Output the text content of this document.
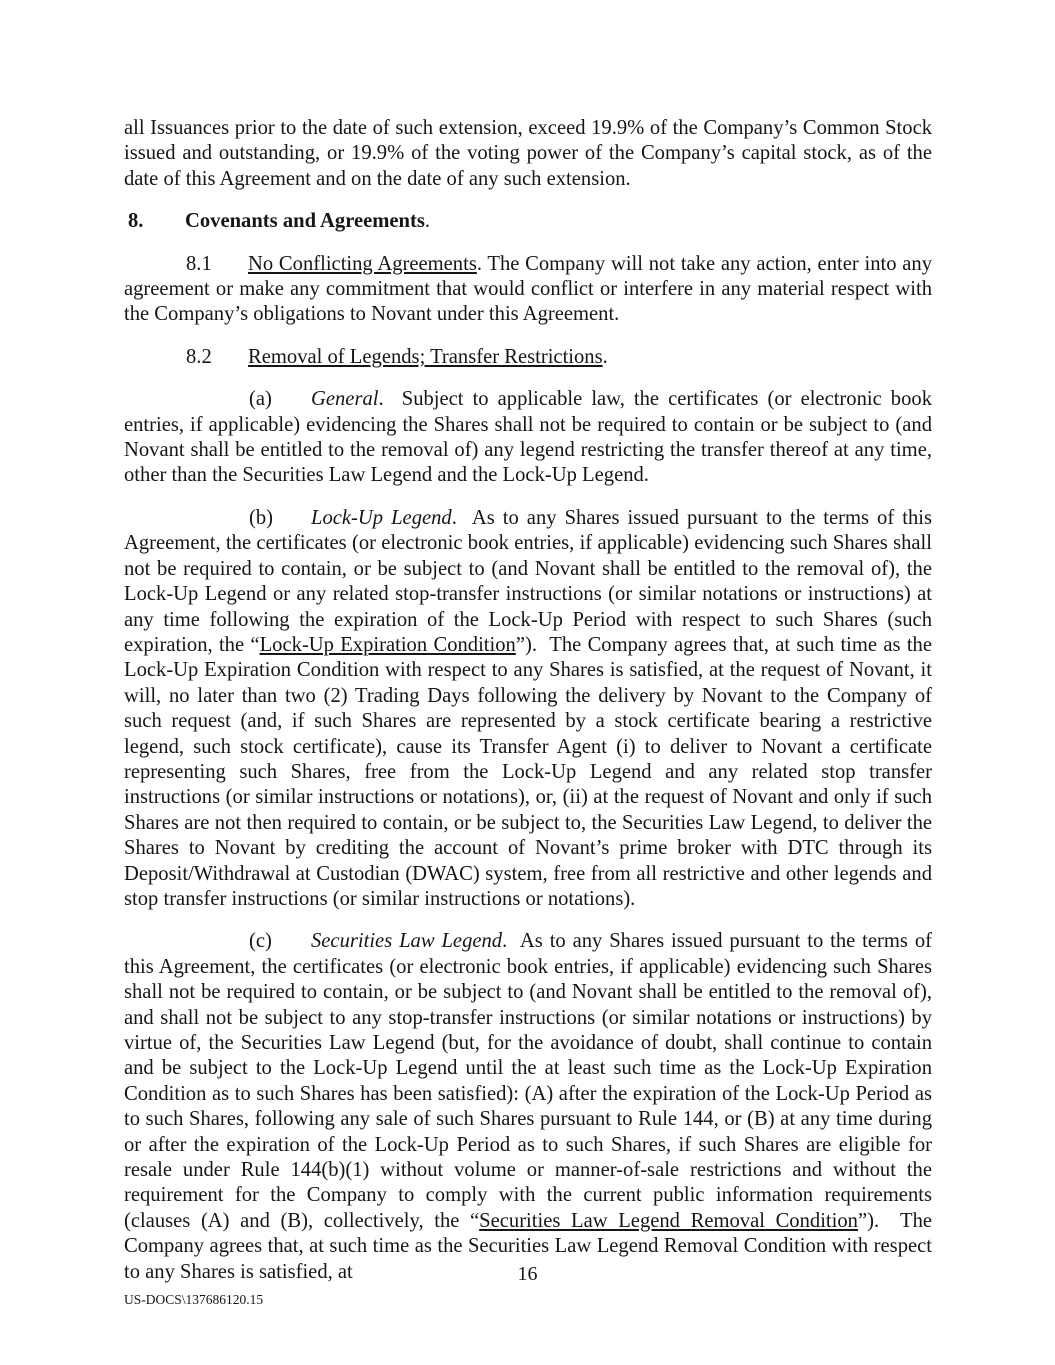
all Issuances prior to the date of such extension, exceed 19.9% of the Company’s Common Stock issued and outstanding, or 19.9% of the voting power of the Company’s capital stock, as of the date of this Agreement and on the date of any such extension.

8. Covenants and Agreements.

8.1 No Conflicting Agreements. The Company will not take any action, enter into any agreement or make any commitment that would conflict or interfere in any material respect with the Company’s obligations to Novant under this Agreement.

8.2 Removal of Legends; Transfer Restrictions.

(a) General.  Subject to applicable law, the certificates (or electronic book entries, if applicable) evidencing the Shares shall not be required to contain or be subject to (and Novant shall be entitled to the removal of) any legend restricting the transfer thereof at any time, other than the Securities Law Legend and the Lock-Up Legend.

(b) Lock-Up Legend.  As to any Shares issued pursuant to the terms of this Agreement, the certificates (or electronic book entries, if applicable) evidencing such Shares shall not be required to contain, or be subject to (and Novant shall be entitled to the removal of), the Lock-Up Legend or any related stop-transfer instructions (or similar notations or instructions) at any time following the expiration of the Lock-Up Period with respect to such Shares (such expiration, the “Lock-Up Expiration Condition”).  The Company agrees that, at such time as the Lock-Up Expiration Condition with respect to any Shares is satisfied, at the request of Novant, it will, no later than two (2) Trading Days following the delivery by Novant to the Company of such request (and, if such Shares are represented by a stock certificate bearing a restrictive legend, such stock certificate), cause its Transfer Agent (i) to deliver to Novant a certificate representing such Shares, free from the Lock-Up Legend and any related stop transfer instructions (or similar instructions or notations), or, (ii) at the request of Novant and only if such Shares are not then required to contain, or be subject to, the Securities Law Legend, to deliver the Shares to Novant by crediting the account of Novant’s prime broker with DTC through its Deposit/Withdrawal at Custodian (DWAC) system, free from all restrictive and other legends and stop transfer instructions (or similar instructions or notations).

(c) Securities Law Legend.  As to any Shares issued pursuant to the terms of this Agreement, the certificates (or electronic book entries, if applicable) evidencing such Shares shall not be required to contain, or be subject to (and Novant shall be entitled to the removal of), and shall not be subject to any stop-transfer instructions (or similar notations or instructions) by virtue of, the Securities Law Legend (but, for the avoidance of doubt, shall continue to contain and be subject to the Lock-Up Legend until the at least such time as the Lock-Up Expiration Condition as to such Shares has been satisfied): (A) after the expiration of the Lock-Up Period as to such Shares, following any sale of such Shares pursuant to Rule 144, or (B) at any time during or after the expiration of the Lock-Up Period as to such Shares, if such Shares are eligible for resale under Rule 144(b)(1) without volume or manner-of-sale restrictions and without the requirement for the Company to comply with the current public information requirements (clauses (A) and (B), collectively, the “Securities Law Legend Removal Condition”).  The Company agrees that, at such time as the Securities Law Legend Removal Condition with respect to any Shares is satisfied, at	16
US-DOCS\137686120.15
